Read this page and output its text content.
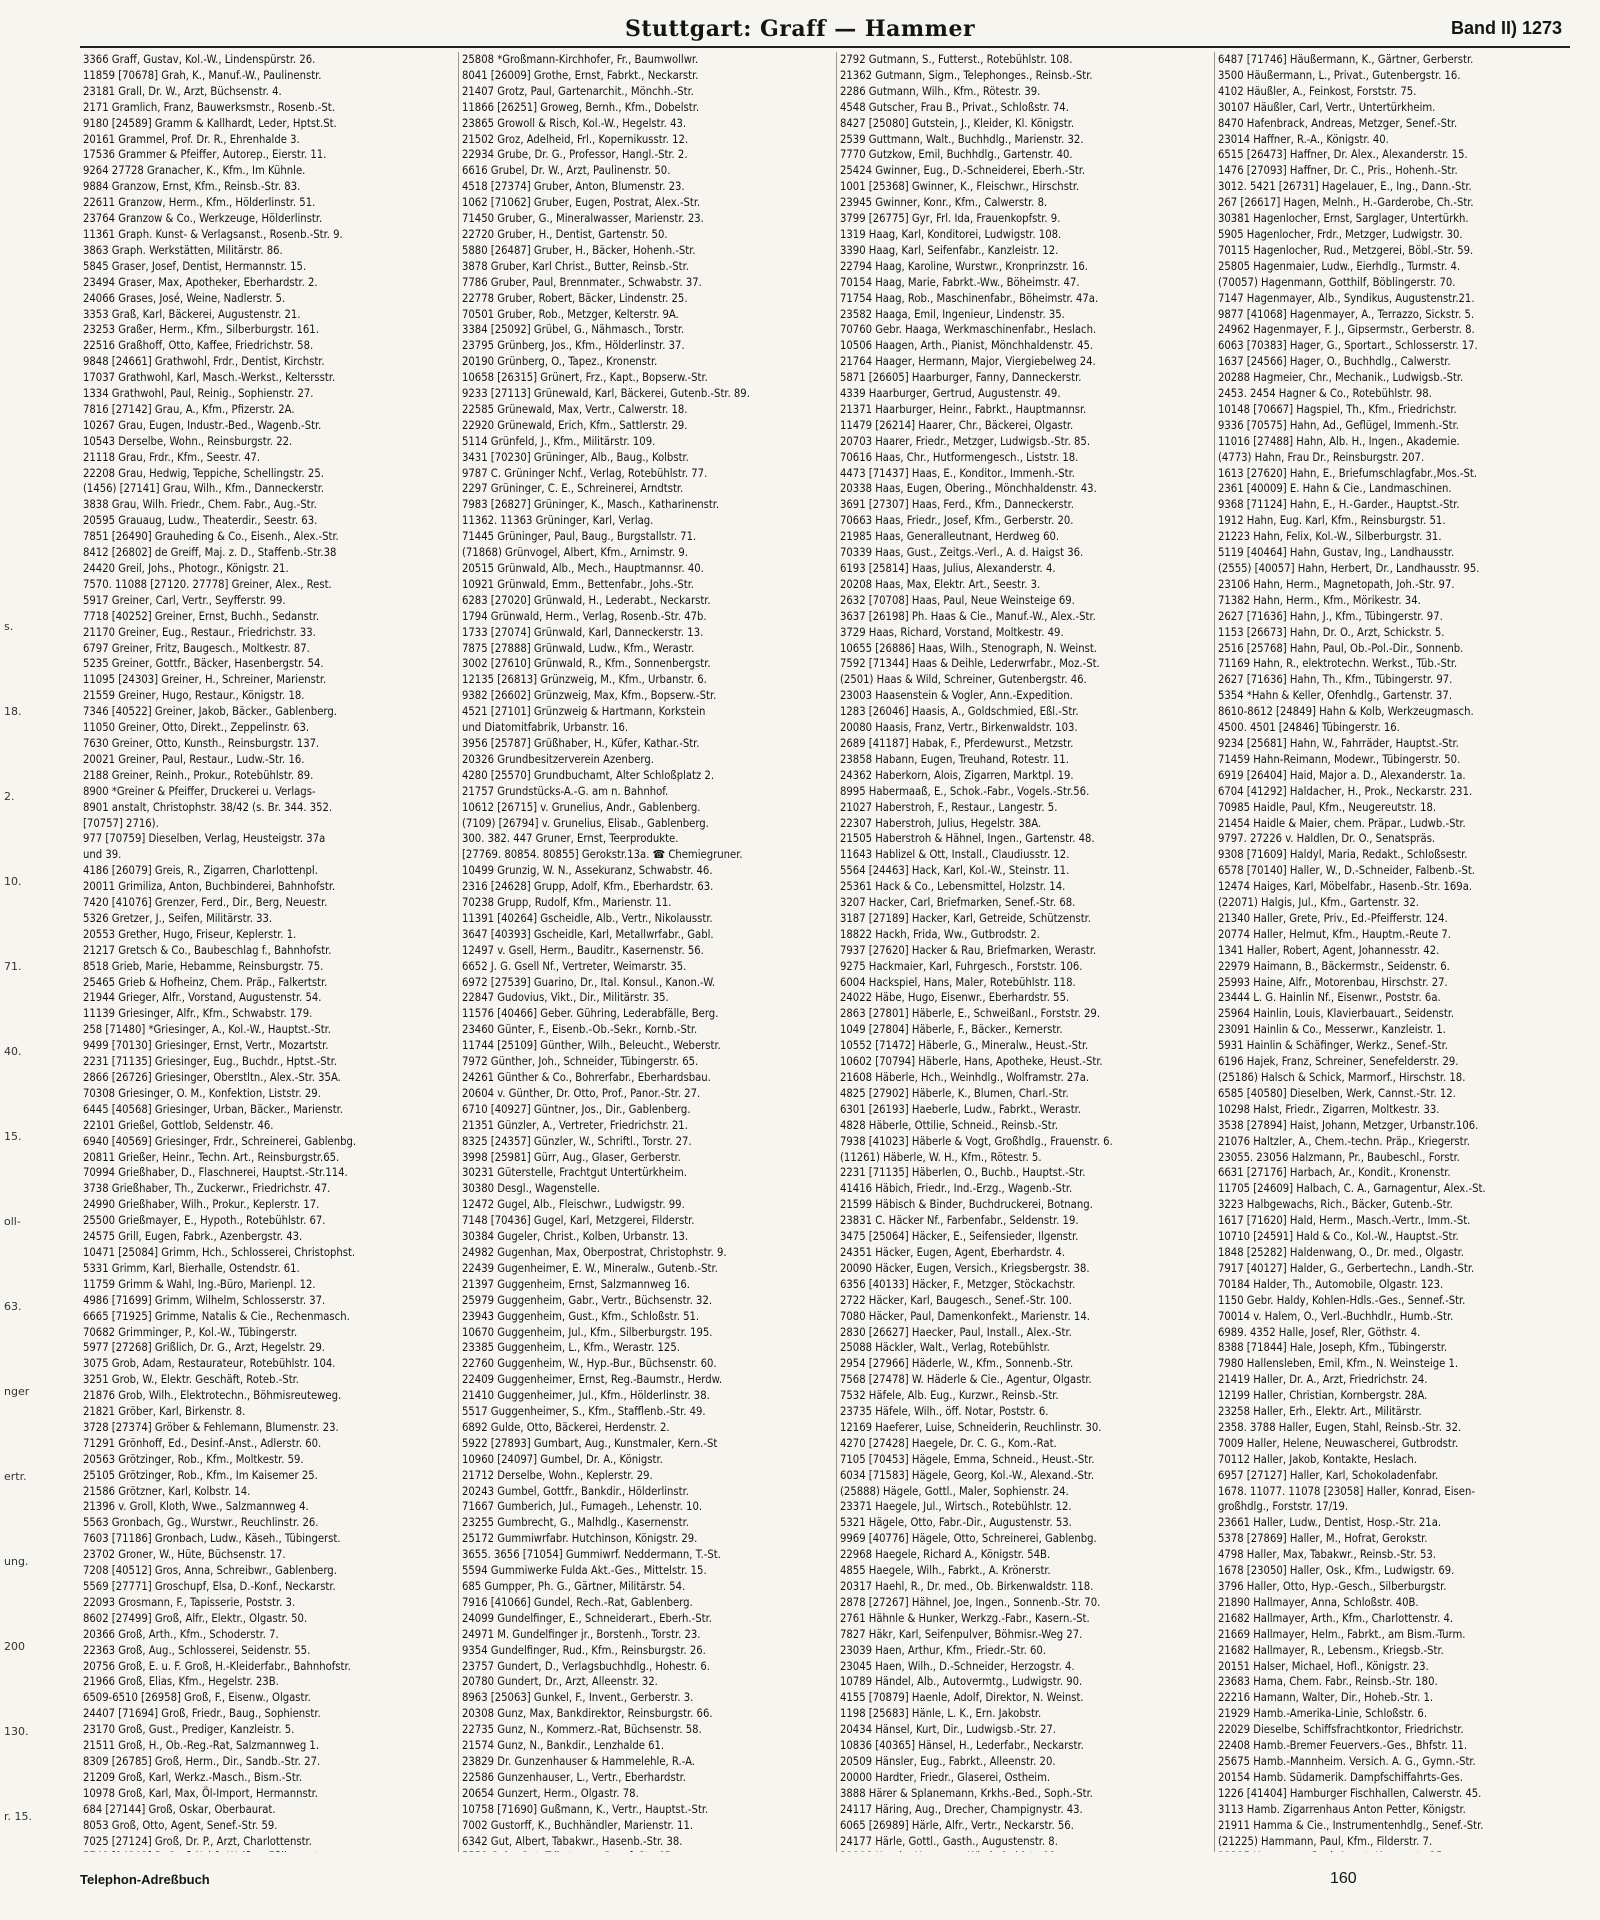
Stuttgart: Graff — Hammer	Band II) 1273
s.
18.
2.
10.
71.
40.
15.
oll-
63.
nger
ertr.
ung.
200
130.
r. 15.
3366 Graff, Gustav, Kol.-W., Lindenspürstr. 26.
11859 [70678] Grah, K., Manuf.-W., Paulinenstr.
23181 Grall, Dr. W., Arzt, Büchsenstr. 4.
2171 Gramlich, Franz, Bauwerksmstr., Rosenb.-St.
9180 [24589] Gramm & Kallhardt, Leder, Hptst.St.
20161 Grammel, Prof. Dr. R., Ehrenhalde 3.
17536 Grammer & Pfeiffer, Autorep., Eierstr. 11.
9264 27728 Granacher, K., Kfm., Im Kühnle.
9884 Granzow, Ernst, Kfm., Reinsb.-Str. 83.
22611 Granzow, Herm., Kfm., Hölderlinstr. 51.
23764 Granzow & Co., Werkzeuge, Hölderlinstr.
11361 Graph. Kunst- & Verlagsanst., Rosenb.-Str. 9.
3863 Graph. Werkstätten, Militärstr. 86.
5845 Graser, Josef, Dentist, Hermannstr. 15.
23494 Graser, Max, Apotheker, Eberhardstr. 2.
24066 Grases, José, Weine, Nadlerstr. 5.
3353 Graß, Karl, Bäckerei, Augustenstr. 21.
23253 Graßer, Herm., Kfm., Silberburgstr. 161.
22516 Graßhoff, Otto, Kaffee, Friedrichstr. 58.
9848 [24661] Grathwohl, Frdr., Dentist, Kirchstr.
17037 Grathwohl, Karl, Masch.-Werkst., Keltersstr.
1334 Grathwohl, Paul, Reinig., Sophienstr. 27.
7816 [27142] Grau, A., Kfm., Pfizerstr. 2A.
10267 Grau, Eugen, Industr.-Bed., Wagenb.-Str.
10543 Derselbe, Wohn., Reinsburgstr. 22.
21118 Grau, Frdr., Kfm., Seestr. 47.
22208 Grau, Hedwig, Teppiche, Schellingstr. 25.
(1456) [27141] Grau, Wilh., Kfm., Danneckerstr.
3838 Grau, Wilh. Friedr., Chem. Fabr., Aug.-Str.
20595 Grauaug, Ludw., Theaterdir., Seestr. 63.
7851 [26490] Grauheding & Co., Eisenh., Alex.-Str.
8412 [26802] de Greiff, Maj. z. D., Staffenb.-Str.38
24420 Greil, Johs., Photogr., Königstr. 21.
7570. 11088 [27120. 27778] Greiner, Alex., Rest.
5917 Greiner, Carl, Vertr., Seyfferstr. 99.
7718 [40252] Greiner, Ernst, Buchh., Sedanstr.
21170 Greiner, Eug., Restaur., Friedrichstr. 33.
6797 Greiner, Fritz, Baugesch., Moltkestr. 87.
5235 Greiner, Gottfr., Bäcker, Hasenbergstr. 54.
11095 [24303] Greiner, H., Schreiner, Marienstr.
21559 Greiner, Hugo, Restaur., Königstr. 18.
7346 [40522] Greiner, Jakob, Bäcker., Gablenberg.
11050 Greiner, Otto, Direkt., Zeppelinstr. 63.
7630 Greiner, Otto, Kunsth., Reinsburgstr. 137.
20021 Greiner, Paul, Restaur., Ludw.-Str. 16.
2188 Greiner, Reinh., Prokur., Rotebühlstr. 89.
8900 *Greiner & Pfeiffer, Druckerei u. Verlags-
8901 anstalt, Christophstr. 38/42 (s. Br. 344. 352.
[70757] 2716).
977 [70759] Dieselben, Verlag, Heusteigstr. 37a
und 39.
4186 [26079] Greis, R., Zigarren, Charlottenpl.
20011 Grimiliza, Anton, Buchbinderei, Bahnhofstr.
7420 [41076] Grenzer, Ferd., Dir., Berg, Neuestr.
5326 Gretzer, J., Seifen, Militärstr. 33.
20553 Grether, Hugo, Friseur, Keplerstr. 1.
21217 Gretsch & Co., Baubeschlag f., Bahnhofstr.
8518 Grieb, Marie, Hebamme, Reinsburgstr. 75.
25465 Grieb & Hofheinz, Chem. Präp., Falkertstr.
21944 Grieger, Alfr., Vorstand, Augustenstr. 54.
11139 Griesinger, Alfr., Kfm., Schwabstr. 179.
258 [71480] *Griesinger, A., Kol.-W., Hauptst.-Str.
9499 [70130] Griesinger, Ernst, Vertr., Mozartstr.
2231 [71135] Griesinger, Eug., Buchdr., Hptst.-Str.
2866 [26726] Griesinger, Oberstltn., Alex.-Str. 35A.
70308 Griesinger, O. M., Konfektion, Liststr. 29.
6445 [40568] Griesinger, Urban, Bäcker., Marienstr.
22101 Grießel, Gottlob, Seldenstr. 46.
6940 [40569] Griesinger, Frdr., Schreinerei, Gablenbg.
20811 Grießer, Heinr., Techn. Art., Reinsburgstr.65.
70994 Grießhaber, D., Flaschnerei, Hauptst.-Str.114.
3738 Grießhaber, Th., Zuckerwr., Friedrichstr. 47.
24990 Grießhaber, Wilh., Prokur., Keplerstr. 17.
25500 Grießmayer, E., Hypoth., Rotebühlstr. 67.
24575 Grill, Eugen, Fabrk., Azenbergstr. 43.
10471 [25084] Grimm, Hch., Schlosserei, Christophst.
5331 Grimm, Karl, Bierhalle, Ostendstr. 61.
11759 Grimm & Wahl, Ing.-Büro, Marienpl. 12.
4986 [71699] Grimm, Wilhelm, Schlosserstr. 37.
6665 [71925] Grimme, Natalis & Cie., Rechenmasch.
70682 Grimminger, P., Kol.-W., Tübingerstr.
5977 [27268] Grißlich, Dr. G., Arzt, Hegelstr. 29.
3075 Grob, Adam, Restaurateur, Rotebühlstr. 104.
3251 Grob, W., Elektr. Geschäft, Roteb.-Str.
21876 Grob, Wilh., Elektrotechn., Böhmisreuteweg.
21821 Gröber, Karl, Birkenstr. 8.
3728 [27374] Gröber & Fehlemann, Blumenstr. 23.
71291 Grönhoff, Ed., Desinf.-Anst., Adlerstr. 60.
20563 Grötzinger, Rob., Kfm., Moltkestr. 59.
25105 Grötzinger, Rob., Kfm., Im Kaisemer 25.
21586 Grötzner, Karl, Kolbstr. 14.
21396 v. Groll, Kloth, Wwe., Salzmannweg 4.
5563 Gronbach, Gg., Wurstwr., Reuchlinstr. 26.
7603 [71186] Gronbach, Ludw., Käseh., Tübingerst.
23702 Groner, W., Hüte, Büchsenstr. 17.
7208 [40512] Gros, Anna, Schreibwr., Gablenberg.
5569 [27771] Groschupf, Elsa, D.-Konf., Neckarstr.
22093 Grosmann, F., Tapisserie, Poststr. 3.
8602 [27499] Groß, Alfr., Elektr., Olgastr. 50.
20366 Groß, Arth., Kfm., Schoderstr. 7.
22363 Groß, Aug., Schlosserei, Seidenstr. 55.
20756 Groß, E. u. F. Groß, H.-Kleiderfabr., Bahnhofstr.
21966 Groß, Elias, Kfm., Hegelstr. 23B.
6509-6510 [26958] Groß, F., Eisenw., Olgastr.
24407 [71694] Groß, Friedr., Baug., Sophienstr.
23170 Groß, Gust., Prediger, Kanzleistr. 5.
21511 Groß, H., Ob.-Reg.-Rat, Salzmannweg 1.
8309 [26785] Groß, Herm., Dir., Sandb.-Str. 27.
21209 Groß, Karl, Werkz.-Masch., Bism.-Str.
10978 Groß, Karl, Max, Öl-Import, Hermannstr.
684 [27144] Groß, Oskar, Oberbaurat.
8053 Groß, Otto, Agent, Senef.-Str. 59.
7025 [27124] Groß, Dr. P., Arzt, Charlottenstr.
25808 *Großmann-Kirchhofer, Fr., Baumwollwr.
8041 [26009] Grothe, Ernst, Fabrkt., Neckarstr.
21407 Grotz, Paul, Gartenarchit., Mönchh.-Str.
11866 [26251] Groweg, Bernh., Kfm., Dobelstr.
23865 Growoll & Risch, Kol.-W., Hegelstr. 43.
21502 Groz, Adelheid, Frl., Kopernikusstr. 12.
22934 Grube, Dr. G., Professor, Hangl.-Str. 2.
6616 Grubel, Dr. W., Arzt, Paulinenstr. 50.
4518 [27374] Gruber, Anton, Blumenstr. 23.
1062 [71062] Gruber, Eugen, Postrat, Alex.-Str.
71450 Gruber, G., Mineralwasser, Marienstr. 23.
22720 Gruber, H., Dentist, Gartenstr. 50.
5880 [26487] Gruber, H., Bäcker, Hohenh.-Str.
3878 Gruber, Karl Christ., Butter, Reinsb.-Str.
7786 Gruber, Paul, Brennmater., Schwabstr. 37.
22778 Gruber, Robert, Bäcker, Lindenstr. 25.
70501 Gruber, Rob., Metzger, Kelterstr. 9A.
3384 [25092] Grübel, G., Nähmasch., Torstr.
23795 Grünberg, Jos., Kfm., Hölderlinstr. 37.
20190 Grünberg, O., Tapez., Kronenstr.
10658 [26315] Grünert, Frz., Kapt., Bopserw.-Str.
9233 [27113] Grünewald, Karl, Bäckerei, Gutenb.-Str. 89.
22585 Grünewald, Max, Vertr., Calwerstr. 18.
22920 Grünewald, Erich, Kfm., Sattlerstr. 29.
5114 Grünfeld, J., Kfm., Militärstr. 109.
3431 [70230] Grüninger, Alb., Baug., Kolbstr.
9787 C. Grüninger Nchf., Verlag, Rotebühlstr. 77.
2297 Grüninger, C. E., Schreinerei, Arndtstr.
7983 [26827] Grüninger, K., Masch., Katharinenstr.
11362. 11363 Grüninger, Karl, Verlag.
71445 Grüninger, Paul, Baug., Burgstallstr. 71.
(71868) Grünvogel, Albert, Kfm., Arnimstr. 9.
20515 Grünwald, Alb., Mech., Hauptmannsr. 40.
10921 Grünwald, Emm., Bettenfabr., Johs.-Str.
6283 [27020] Grünwald, H., Lederabt., Neckarstr.
1794 Grünwald, Herm., Verlag, Rosenb.-Str. 47b.
1733 [27074] Grünwald, Karl, Danneckerstr. 13.
7875 [27888] Grünwald, Ludw., Kfm., Werastr.
3002 [27610] Grünwald, R., Kfm., Sonnenbergstr.
12135 [26813] Grünzweig, M., Kfm., Urbanstr. 6.
9382 [26602] Grünzweig, Max, Kfm., Bopserw.-Str.
4521 [27101] Grünzweig & Hartmann, Korkstein
und Diatomitfabrik, Urbanstr. 16.
3956 [25787] Grüßhaber, H., Küfer, Kathar.-Str.
20326 Grundbesitzerverein Azenberg.
4280 [25570] Grundbuchamt, Alter Schloßplatz 2.
21757 Grundstücks-A.-G. am n. Bahnhof.
10612 [26715] v. Grunelius, Andr., Gablenberg.
(7109) [26794] v. Grunelius, Elisab., Gablenberg.
300. 382. 447 Gruner, Ernst, Teerprodukte.
[27769. 80854. 80855] Gerokstr.13a. ☎ Chemiegruner.
10499 Grunzig, W. N., Assekuranz, Schwabstr. 46.
2316 [24628] Grupp, Adolf, Kfm., Eberhardstr. 63.
70238 Grupp, Rudolf, Kfm., Marienstr. 11.
11391 [40264] Gscheidle, Alb., Vertr., Nikolausstr.
3647 [40393] Gscheidle, Karl, Metallwrfabr., Gabl.
12497 v. Gsell, Herm., Bauditr., Kasernenstr. 56.
6652 J. G. Gsell Nf., Vertreter, Weimarstr. 35.
6972 [27539] Guarino, Dr., Ital. Konsul., Kanon.-W.
22847 Gudovius, Vikt., Dir., Militärstr. 35.
11576 [40466] Geber. Gühring, Lederabfälle, Berg.
23460 Günter, F., Eisenb.-Ob.-Sekr., Kornb.-Str.
11744 [25109] Günther, Wilh., Beleucht., Weberstr.
7972 Günther, Joh., Schneider, Tübingerstr. 65.
24261 Günther & Co., Bohrerfabr., Eberhardsbau.
20604 v. Günther, Dr. Otto, Prof., Panor.-Str. 27.
6710 [40927] Güntner, Jos., Dir., Gablenberg.
21351 Günzler, A., Vertreter, Friedrichstr. 21.
8325 [24357] Günzler, W., Schriftl., Torstr. 27.
3998 [25981] Gürr, Aug., Glaser, Gerberstr.
30231 Güterstelle, Frachtgut Untertürkheim.
30380 Desgl., Wagenstelle.
12472 Gugel, Alb., Fleischwr., Ludwigstr. 99.
7148 [70436] Gugel, Karl, Metzgerei, Filderstr.
30384 Gugeler, Christ., Kolben, Urbanstr. 13.
24982 Gugenhan, Max, Oberpostrat, Christophstr. 9.
22439 Gugenheimer, E. W., Mineralw., Gutenb.-Str.
21397 Guggenheim, Ernst, Salzmannweg 16.
25979 Guggenheim, Gabr., Vertr., Büchsenstr. 32.
23943 Guggenheim, Gust., Kfm., Schloßstr. 51.
10670 Guggenheim, Jul., Kfm., Silberburgstr. 195.
23385 Guggenheim, L., Kfm., Werastr. 125.
22760 Guggenheim, W., Hyp.-Bur., Büchsenstr. 60.
22409 Guggenheimer, Ernst, Reg.-Baumstr., Herdw.
21410 Guggenheimer, Jul., Kfm., Hölderlinstr. 38.
5517 Guggenheimer, S., Kfm., Stafflenb.-Str. 49.
6892 Gulde, Otto, Bäckerei, Herdenstr. 2.
5922 [27893] Gumbart, Aug., Kunstmaler, Kern.-St
10960 [24097] Gumbel, Dr. A., Königstr.
21712 Derselbe, Wohn., Keplerstr. 29.
20243 Gumbel, Gottfr., Bankdir., Hölderlinstr.
71667 Gumberich, Jul., Fumageh., Lehenstr. 10.
23255 Gumbrecht, G., Malhdlg., Kasernenstr.
25172 Gummiwrfabr. Hutchinson, Königstr. 29.
3655. 3656 [71054] Gummiwrf. Neddermann, T.-St.
5594 Gummiwerke Fulda Akt.-Ges., Mittelstr. 15.
685 Gumpper, Ph. G., Gärtner, Militärstr. 54.
7916 [41066] Gundel, Rech.-Rat, Gablenberg.
24099 Gundelfinger, E., Schneiderart., Eberh.-Str.
24971 M. Gundelfinger jr., Borstenh., Torstr. 23.
9354 Gundelfinger, Rud., Kfm., Reinsburgstr. 26.
23757 Gundert, D., Verlagsbuchhdlg., Hohestr. 6.
20780 Gundert, Dr., Arzt, Alleenstr. 32.
8963 [25063] Gunkel, F., Invent., Gerberstr. 3.
20308 Gunz, Max, Bankdirektor, Reinsburgstr. 66.
22735 Gunz, N., Kommerz.-Rat, Büchsenstr. 58.
21574 Gunz, N., Bankdir., Lenzhalde 61.
23829 Dr. Gunzenhauser & Hammelehle, R.-A.
22586 Gunzenhauser, L., Vertr., Eberhardstr.
20654 Gunzert, Herm., Olgastr. 78.
10758 [71690] Gußmann, K., Vertr., Hauptst.-Str.
7002 Gustorff, K., Buchhändler, Marienstr. 11.
6342 Gut, Albert, Tabakwr., Hasenb.-Str. 38.
2792 Gutmann, S., Futterst., Rotebühlstr. 108.
21362 Gutmann, Sigm., Telephonges., Reinsb.-Str.
2286 Gutmann, Wilh., Kfm., Rötestr. 39.
4548 Gutscher, Frau B., Privat., Schloßstr. 74.
8427 [25080] Gutstein, J., Kleider, Kl. Königstr.
2539 Guttmann, Walt., Buchhdlg., Marienstr. 32.
7770 Gutzkow, Emil, Buchhdlg., Gartenstr. 40.
25424 Gwinner, Eug., D.-Schneiderei, Eberh.-Str.
1001 [25368] Gwinner, K., Fleischwr., Hirschstr.
23945 Gwinner, Konr., Kfm., Calwerstr. 8.
3799 [26775] Gyr, Frl. Ida, Frauenkopfstr. 9.
1319 Haag, Karl, Konditorei, Ludwigstr. 108.
3390 Haag, Karl, Seifenfabr., Kanzleistr. 12.
22794 Haag, Karoline, Wurstwr., Kronprinzstr. 16.
70154 Haag, Marie, Fabrkt.-Ww., Böheimstr. 47.
71754 Haag, Rob., Maschinenfabr., Böheimstr. 47a.
23582 Haaga, Emil, Ingenieur, Lindenstr. 35.
70760 Gebr. Haaga, Werkmaschinenfabr., Heslach.
10506 Haagen, Arth., Pianist, Mönchhaldenstr. 45.
21764 Haager, Hermann, Major, Viergiebelweg 24.
5871 [26605] Haarburger, Fanny, Danneckerstr.
4339 Haarburger, Gertrud, Augustenstr. 49.
21371 Haarburger, Heinr., Fabrkt., Hauptmannsr.
11479 [26214] Haarer, Chr., Bäckerei, Olgastr.
20703 Haarer, Friedr., Metzger, Ludwigsb.-Str. 85.
70616 Haas, Chr., Hutformengesch., Liststr. 18.
4473 [71437] Haas, E., Konditor., Immenh.-Str.
20338 Haas, Eugen, Obering., Mönchhaldenstr. 43.
3691 [27307] Haas, Ferd., Kfm., Danneckerstr.
70663 Haas, Friedr., Josef, Kfm., Gerberstr. 20.
21985 Haas, Generalleutnant, Herdweg 60.
70339 Haas, Gust., Zeitgs.-Verl., A. d. Haigst 36.
6193 [25814] Haas, Julius, Alexanderstr. 4.
20208 Haas, Max, Elektr. Art., Seestr. 3.
2632 [70708] Haas, Paul, Neue Weinsteige 69.
3637 [26198] Ph. Haas & Cie., Manuf.-W., Alex.-Str.
3729 Haas, Richard, Vorstand, Moltkestr. 49.
10655 [26886] Haas, Wilh., Stenograph, N. Weinst.
7592 [71344] Haas & Deihle, Lederwrfabr., Moz.-St.
(2501) Haas & Wild, Schreiner, Gutenbergstr. 46.
23003 Haasenstein & Vogler, Ann.-Expedition.
1283 [26046] Haasis, A., Goldschmied, Eßl.-Str.
20080 Haasis, Franz, Vertr., Birkenwaldstr. 103.
2689 [41187] Habak, F., Pferdewurst., Metzstr.
23858 Habann, Eugen, Treuhand, Rotestr. 11.
24362 Haberkorn, Alois, Zigarren, Marktpl. 19.
8995 Habermaaß, E., Schok.-Fabr., Vogels.-Str.56.
21027 Haberstroh, F., Restaur., Langestr. 5.
22307 Haberstroh, Julius, Hegelstr. 38A.
21505 Haberstroh & Hähnel, Ingen., Gartenstr. 48.
11643 Hablizel & Ott, Install., Claudiusstr. 12.
5564 [24463] Hack, Karl, Kol.-W., Steinstr. 11.
25361 Hack & Co., Lebensmittel, Holzstr. 14.
3207 Hacker, Carl, Briefmarken, Senef.-Str. 68.
3187 [27189] Hacker, Karl, Getreide, Schützenstr.
18822 Hackh, Frida, Ww., Gutbrodstr. 2.
7937 [27620] Hacker & Rau, Briefmarken, Werastr.
9275 Hackmaier, Karl, Fuhrgesch., Forststr. 106.
6004 Hackspiel, Hans, Maler, Rotebühlstr. 118.
24022 Häbe, Hugo, Eisenwr., Eberhardstr. 55.
2863 [27801] Häberle, E., Schweißanl., Forststr. 29.
1049 [27804] Häberle, F., Bäcker., Kernerstr.
10552 [71472] Häberle, G., Mineralw., Heust.-Str.
10602 [70794] Häberle, Hans, Apotheke, Heust.-Str.
21608 Häberle, Hch., Weinhdlg., Wolframstr. 27a.
4825 [27902] Häberle, K., Blumen, Charl.-Str.
6301 [26193] Haeberle, Ludw., Fabrkt., Werastr.
4828 Häberle, Ottilie, Schneid., Reinsb.-Str.
7938 [41023] Häberle & Vogt, Großhdlg., Frauenstr. 6.
(11261) Häberle, W. H., Kfm., Rötestr. 5.
2231 [71135] Häberlen, O., Buchb., Hauptst.-Str.
41416 Häbich, Friedr., Ind.-Erzg., Wagenb.-Str.
21599 Häbisch & Binder, Buchdruckerei, Botnang.
23831 C. Häcker Nf., Farbenfabr., Seldenstr. 19.
3475 [25064] Häcker, E., Seifensieder, Ilgenstr.
24351 Häcker, Eugen, Agent, Eberhardstr. 4.
20090 Häcker, Eugen, Versich., Kriegsbergstr. 38.
6356 [40133] Häcker, F., Metzger, Stöckachstr.
2722 Häcker, Karl, Baugesch., Senef.-Str. 100.
7080 Häcker, Paul, Damenkonfekt., Marienstr. 14.
2830 [26627] Haecker, Paul, Install., Alex.-Str.
25088 Häckler, Walt., Verlag, Rotebühlstr.
2954 [27966] Häderle, W., Kfm., Sonnenb.-Str.
7568 [27478] W. Häderle & Cie., Agentur, Olgastr.
7532 Häfele, Alb. Eug., Kurzwr., Reinsb.-Str.
23735 Häfele, Wilh., öff. Notar, Poststr. 6.
12169 Haeferer, Luise, Schneiderin, Reuchlinstr. 30.
4270 [27428] Haegele, Dr. C. G., Kom.-Rat.
7105 [70453] Hägele, Emma, Schneid., Heust.-Str.
6034 [71583] Hägele, Georg, Kol.-W., Alexand.-Str.
(25888) Hägele, Gottl., Maler, Sophienstr. 24.
23371 Haegele, Jul., Wirtsch., Rotebühlstr. 12.
5321 Hägele, Otto, Fabr.-Dir., Augustenstr. 53.
9969 [40776] Hägele, Otto, Schreinerei, Gablenbg.
22968 Haegele, Richard A., Königstr. 54B.
4855 Haegele, Wilh., Fabrkt., A. Krönerstr.
20317 Haehl, R., Dr. med., Ob. Birkenwaldstr. 118.
2878 [27267] Hähnel, Joe, Ingen., Sonnenb.-Str. 70.
2761 Hähnle & Hunker, Werkzg.-Fabr., Kasern.-St.
7827 Häkr, Karl, Seifenpulver, Böhmisr.-Weg 27.
23039 Haen, Arthur, Kfm., Friedr.-Str. 60.
23045 Haen, Wilh., D.-Schneider, Herzogstr. 4.
10789 Händel, Alb., Autovermtg., Ludwigstr. 90.
4155 [70879] Haenle, Adolf, Direktor, N. Weinst.
1198 [25683] Hänle, L. K., Ern. Jakobstr.
20434 Hänsel, Kurt, Dir., Ludwigsb.-Str. 27.
10836 [40365] Hänsel, H., Lederfabr., Neckarstr.
20509 Hänsler, Eug., Fabrkt., Alleenstr. 20.
20000 Hardter, Friedr., Glaserei, Ostheim.
3888 Härer & Splanemann, Krkhs.-Bed., Soph.-Str.
24117 Häring, Aug., Drecher, Champignystr. 43.
6065 [26989] Härle, Alfr., Vertr., Neckarstr. 56.
24177 Härle, Gottl., Gasth., Augustenstr. 8.
6487 [71746] Häußermann, K., Gärtner, Gerberstr.
3500 Häußermann, L., Privat., Gutenbergstr. 16.
4102 Häußler, A., Feinkost, Forststr. 75.
30107 Häußler, Carl, Vertr., Untertürkheim.
8470 Hafenbrack, Andreas, Metzger, Senef.-Str.
23014 Haffner, R.-A., Königstr. 40.
6515 [26473] Haffner, Dr. Alex., Alexanderstr. 15.
1476 [27093] Haffner, Dr. C., Pris., Hohenh.-Str.
3012. 5421 [26731] Hagelauer, E., Ing., Dann.-Str.
267 [26617] Hagen, Melnh., H.-Garderobe, Ch.-Str.
30381 Hagenlocher, Ernst, Sarglager, Untertürkh.
5905 Hagenlocher, Frdr., Metzger, Ludwigstr. 30.
70115 Hagenlocher, Rud., Metzgerei, Böbl.-Str. 59.
25805 Hagenmaier, Ludw., Eierhdlg., Turmstr. 4.
(70057) Hagenmann, Gotthilf, Böblingerstr. 70.
7147 Hagenmayer, Alb., Syndikus, Augustenstr.21.
9877 [41068] Hagenmayer, A., Terrazzo, Sickstr. 5.
24962 Hagenmayer, F. J., Gipsermstr., Gerberstr. 8.
6063 [70383] Hager, G., Sportart., Schlosserstr. 17.
1637 [24566] Hager, O., Buchhdlg., Calwerstr.
20288 Hagmeier, Chr., Mechanik., Ludwigsb.-Str.
2453. 2454 Hagner & Co., Rotebühlstr. 98.
10148 [70667] Hagspiel, Th., Kfm., Friedrichstr.
9336 [70575] Hahn, Ad., Geflügel, Immenh.-Str.
11016 [27488] Hahn, Alb. H., Ingen., Akademie.
(4773) Hahn, Frau Dr., Reinsburgstr. 207.
1613 [27620] Hahn, E., Briefumschlagfabr.,Mos.-St.
2361 [40009] E. Hahn & Cie., Landmaschinen.
9368 [71124] Hahn, E., H.-Garder., Hauptst.-Str.
1912 Hahn, Eug. Karl, Kfm., Reinsburgstr. 51.
21223 Hahn, Felix, Kol.-W., Silberburgstr. 31.
5119 [40464] Hahn, Gustav, Ing., Landhausstr.
(2555) [40057] Hahn, Herbert, Dr., Landhausstr. 95.
23106 Hahn, Herm., Magnetopath, Joh.-Str. 97.
71382 Hahn, Herm., Kfm., Mörikestr. 34.
2627 [71636] Hahn, J., Kfm., Tübingerstr. 97.
1153 [26673] Hahn, Dr. O., Arzt, Schickstr. 5.
2516 [25768] Hahn, Paul, Ob.-Pol.-Dir., Sonnenb.
71169 Hahn, R., elektrotechn. Werkst., Tüb.-Str.
2627 [71636] Hahn, Th., Kfm., Tübingerstr. 97.
5354 *Hahn & Keller, Ofenhdlg., Gartenstr. 37.
8610-8612 [24849] Hahn & Kolb, Werkzeugmasch.
4500. 4501 [24846] Tübingerstr. 16.
9234 [25681] Hahn, W., Fahrräder, Hauptst.-Str.
71459 Hahn-Reimann, Modewr., Tübingerstr. 50.
6919 [26404] Haid, Major a. D., Alexanderstr. 1a.
6704 [41292] Haldacher, H., Prok., Neckarstr. 231.
70985 Haidle, Paul, Kfm., Neugereutstr. 18.
21454 Haidle & Maier, chem. Präpar., Ludwb.-Str.
9797. 27226 v. Haldlen, Dr. O., Senatspräs.
9308 [71609] Haldyl, Maria, Redakt., Schloßsestr.
6578 [70140] Haller, W., D.-Schneider, Falbenb.-St.
12474 Haiges, Karl, Möbelfabr., Hasenb.-Str. 169a.
(22071) Halgis, Jul., Kfm., Gartenstr. 32.
21340 Haller, Grete, Priv., Ed.-Pfeifferstr. 124.
20774 Haller, Helmut, Kfm., Hauptm.-Reute 7.
1341 Haller, Robert, Agent, Johannesstr. 42.
22979 Haimann, B., Bäckermstr., Seidenstr. 6.
25993 Haine, Alfr., Motorenbau, Hirschstr. 27.
23444 L. G. Hainlin Nf., Eisenwr., Poststr. 6a.
25964 Hainlin, Louis, Klavierbauart., Seidenstr.
23091 Hainlin & Co., Messerwr., Kanzleistr. 1.
5931 Hainlin & Schäfinger, Werkz., Senef.-Str.
6196 Hajek, Franz, Schreiner, Senefelderstr. 29.
(25186) Halsch & Schick, Marmorf., Hirschstr. 18.
6585 [40580] Dieselben, Werk, Cannst.-Str. 12.
10298 Halst, Friedr., Zigarren, Moltkestr. 33.
3538 [27894] Haist, Johann, Metzger, Urbanstr.106.
21076 Haltzler, A., Chem.-techn. Präp., Kriegerstr.
23055. 23056 Halzmann, Pr., Baubeschl., Forstr.
6631 [27176] Harbach, Ar., Kondit., Kronenstr.
11705 [24609] Halbach, C. A., Garnagentur, Alex.-St.
3223 Halbgewachs, Rich., Bäcker, Gutenb.-Str.
1617 [71620] Hald, Herm., Masch.-Vertr., Imm.-St.
10710 [24591] Hald & Co., Kol.-W., Hauptst.-Str.
1848 [25282] Haldenwang, O., Dr. med., Olgastr.
7917 [40127] Halder, G., Gerbertechn., Landh.-Str.
70184 Halder, Th., Automobile, Olgastr. 123.
1150 Gebr. Haldy, Kohlen-Hdls.-Ges., Sennef.-Str.
70014 v. Halem, O., Verl.-Buchhdlr., Humb.-Str.
6989. 4352 Halle, Josef, Rler, Göthstr. 4.
8388 [71844] Hale, Joseph, Kfm., Tübingerstr.
7980 Hallensleben, Emil, Kfm., N. Weinsteige 1.
21419 Haller, Dr. A., Arzt, Friedrichstr. 24.
12199 Haller, Christian, Kornbergstr. 28A.
23258 Haller, Erh., Elektr. Art., Militärstr.
2358. 3788 Haller, Eugen, Stahl, Reinsb.-Str. 32.
7009 Haller, Helene, Neuwascherei, Gutbrodstr.
70112 Haller, Jakob, Kontakte, Heslach.
6957 [27127] Haller, Karl, Schokoladenfabr.
1678. 11077. 11078 [23058] Haller, Konrad, Eisen-
großhdlg., Forststr. 17/19.
23661 Haller, Ludw., Dentist, Hosp.-Str. 21a.
5378 [27869] Haller, M., Hofrat, Gerokstr.
4798 Haller, Max, Tabakwr., Reinsb.-Str. 53.
1678 [23050] Haller, Osk., Kfm., Ludwigstr. 69.
3796 Haller, Otto, Hyp.-Gesch., Silberburgstr.
21890 Hallmayer, Anna, Schloßstr. 40B.
21682 Hallmayer, Arth., Kfm., Charlottenstr. 4.
21669 Hallmayer, Helm., Fabrkt., am Bism.-Turm.
21682 Hallmayer, R., Lebensm., Kriegsb.-Str.
20151 Halser, Michael, Hofl., Königstr. 23.
23683 Hama, Chem. Fabr., Reinsb.-Str. 180.
22216 Hamann, Walter, Dir., Hoheb.-Str. 1.
21929 Hamb.-Amerika-Linie, Schloßstr. 6.
22029 Dieselbe, Schiffsfrachtkontor, Friedrichstr.
22408 Hamb.-Bremer Feuervers.-Ges., Bhfstr. 11.
25675 Hamb.-Mannheim. Versich. A. G., Gymn.-Str.
20154 Hamb. Südamerik. Dampfschiffahrts-Ges.
1226 [41404] Hamburger Fischhallen, Calwerstr. 45.
3113 Hamb. Zigarrenhaus Anton Petter, Königstr.
21911 Hamma & Cie., Instrumentenhdlg., Senef.-Str.
(21225) Hammann, Paul, Kfm., Filderstr. 7.
Telephon-Adreßbuch	160
